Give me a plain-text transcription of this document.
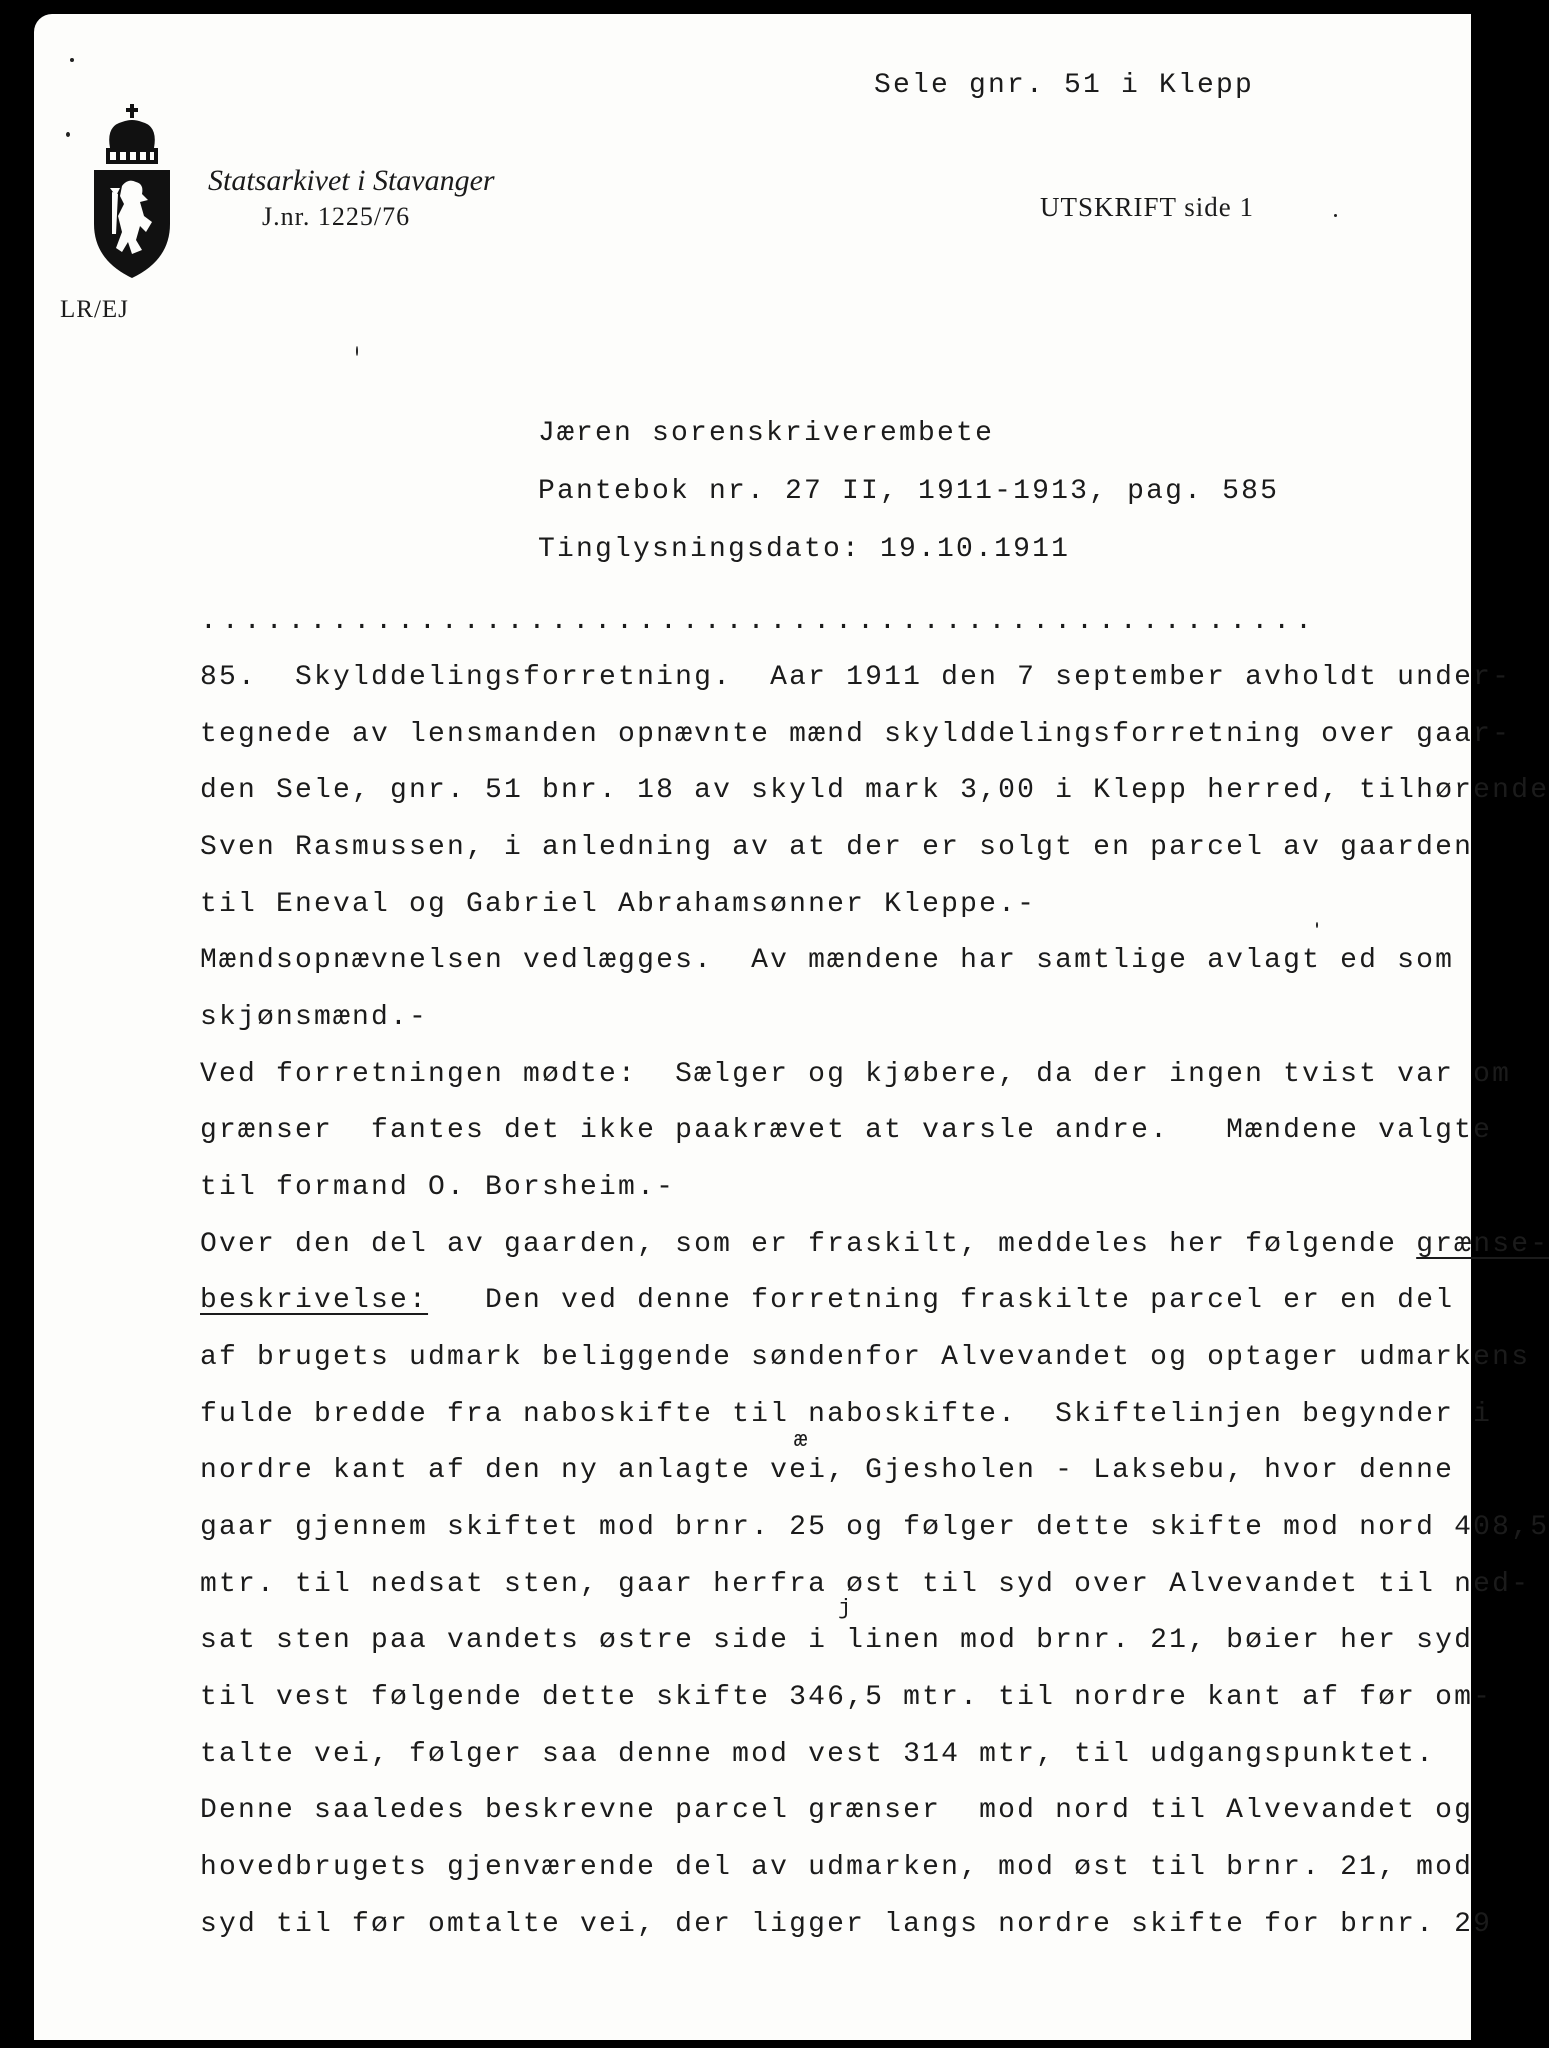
Sele gnr. 51 i Klepp
Statsarkivet i Stavanger
J.nr. 1225/76	UTSKRIFT side 1
LR/EJ
Jæren sorenskriverembete
Pantebok nr. 27 II, 1911-1913, pag. 585
Tinglysningsdato: 19.10.1911
...................................................
85.  Skylddelingsforretning.  Aar 1911 den 7 september avholdt under-
tegnede av lensmanden opnævnte mænd skylddelingsforretning over gaar-
den Sele, gnr. 51 bnr. 18 av skyld mark 3,00 i Klepp herred, tilhørende
Sven Rasmussen, i anledning av at der er solgt en parcel av gaarden
til Eneval og Gabriel Abrahamsønner Kleppe.-
Mændsopnævnelsen vedlægges.  Av mændene har samtlige avlagt ed som
skjønsmænd.-
Ved forretningen mødte:  Sælger og kjøbere, da der ingen tvist var om
grænser  fantes det ikke paakrævet at varsle andre.   Mændene valgte
til formand O. Borsheim.-
Over den del av gaarden, som er fraskilt, meddeles her følgende grænse-
beskrivelse:   Den ved denne forretning fraskilte parcel er en del
af brugets udmark beliggende søndenfor Alvevandet og optager udmarkens
fulde bredde fra naboskifte til naboskifte.  Skiftelinjen begynder i
nordre kant af den ny anlagte vei, Gjesholen - Laksebu, hvor denne
æ
gaar gjennem skiftet mod brnr. 25 og følger dette skifte mod nord 408,5
mtr. til nedsat sten, gaar herfra øst til syd over Alvevandet til ned-
sat sten paa vandets østre side i linen mod brnr. 21, bøier her syd
j
til vest følgende dette skifte 346,5 mtr. til nordre kant af før om-
talte vei, følger saa denne mod vest 314 mtr, til udgangspunktet.
Denne saaledes beskrevne parcel grænser  mod nord til Alvevandet og
hovedbrugets gjenværende del av udmarken, mod øst til brnr. 21, mod
syd til før omtalte vei, der ligger langs nordre skifte for brnr. 29
